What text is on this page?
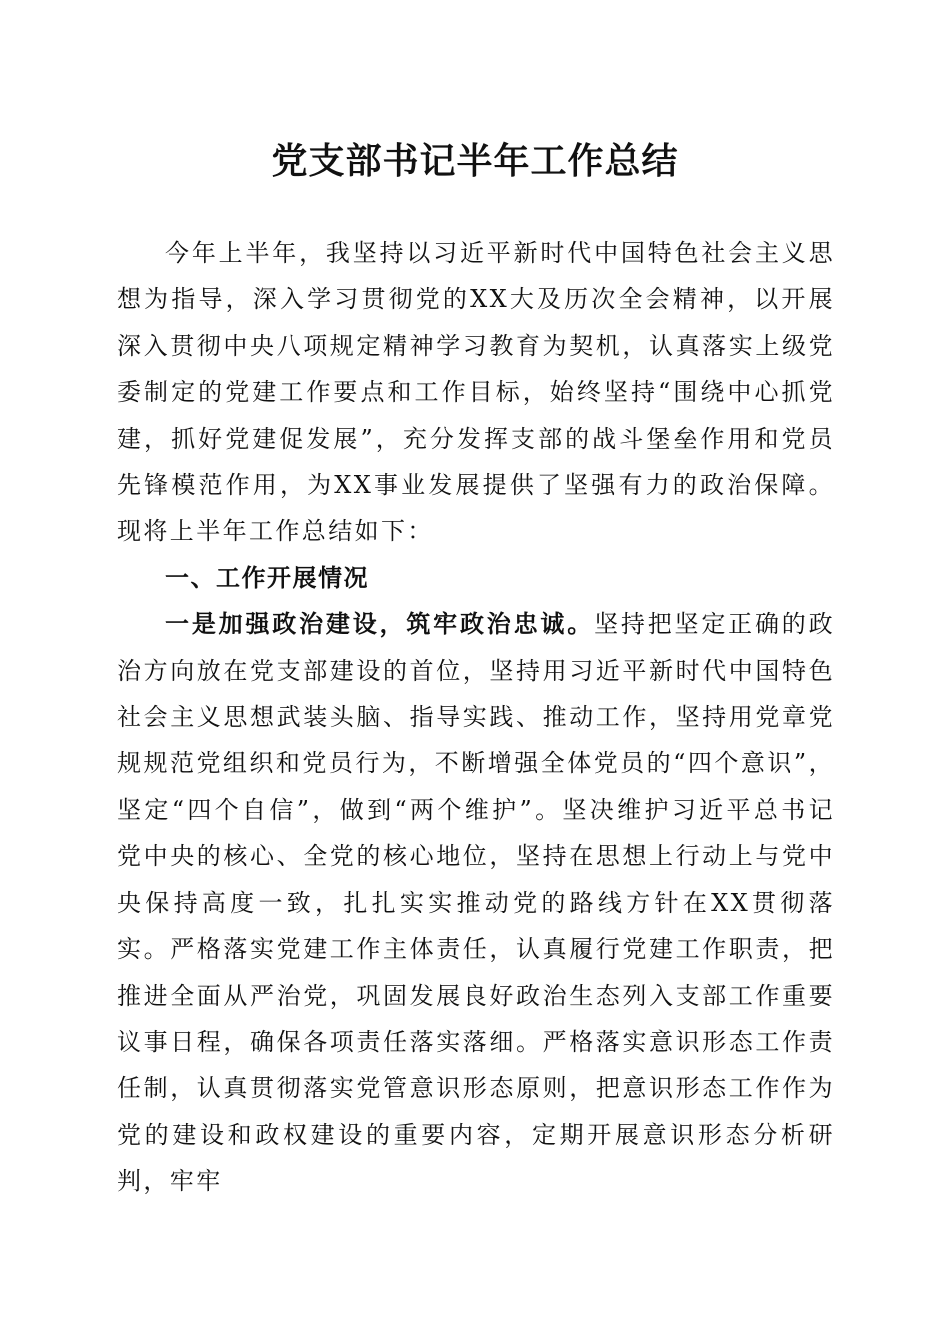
党支部书记半年工作总结

今年上半年，我坚持以习近平新时代中国特色社会主义思想为指导，深入学习贯彻党的XX大及历次全会精神，以开展深入贯彻中央八项规定精神学习教育为契机，认真落实上级党委制定的党建工作要点和工作目标，始终坚持“围绕中心抓党建，抓好党建促发展”，充分发挥支部的战斗堡垒作用和党员先锋模范作用，为XX事业发展提供了坚强有力的政治保障。现将上半年工作总结如下：

一、工作开展情况

一是加强政治建设，筑牢政治忠诚。坚持把坚定正确的政治方向放在党支部建设的首位，坚持用习近平新时代中国特色社会主义思想武装头脑、指导实践、推动工作，坚持用党章党规规范党组织和党员行为，不断增强全体党员的“四个意识”，坚定“四个自信”，做到“两个维护”。坚决维护习近平总书记党中央的核心、全党的核心地位，坚持在思想上行动上与党中央保持高度一致，扎扎实实推动党的路线方针在XX贯彻落实。严格落实党建工作主体责任，认真履行党建工作职责，把推进全面从严治党，巩固发展良好政治生态列入支部工作重要议事日程，确保各项责任落实落细。严格落实意识形态工作责任制，认真贯彻落实党管意识形态原则，把意识形态工作作为党的建设和政权建设的重要内容，定期开展意识形态分析研判，牢牢
